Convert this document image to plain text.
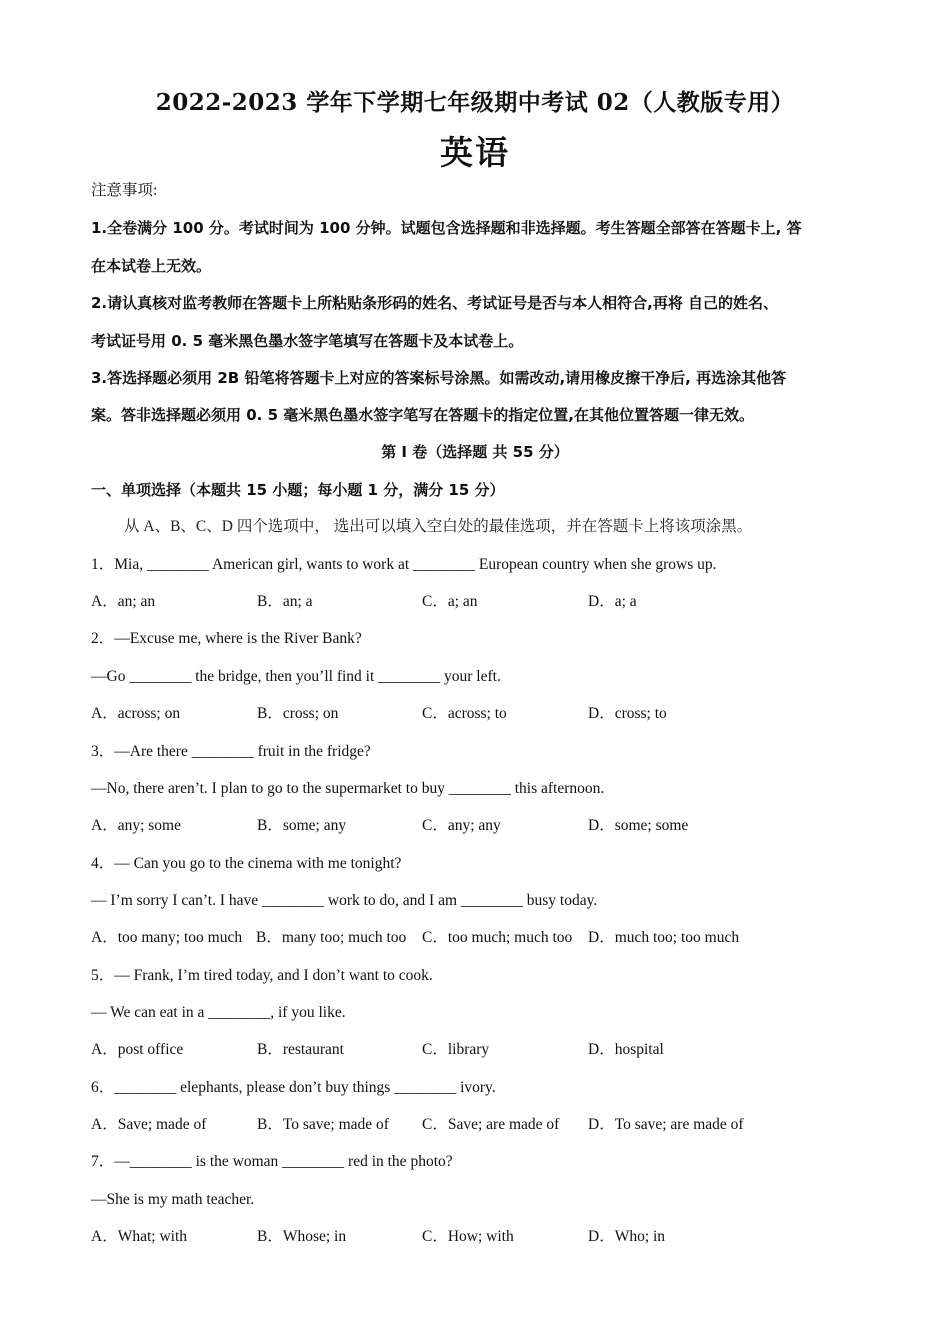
2022-2023 学年下学期七年级期中考试 02（人教版专用）
英语
注意事项:
1.全卷满分 100 分。考试时间为 100 分钟。试题包含选择题和非选择题。考生答题全部答在答题卡上, 答
在本试卷上无效。
2.请认真核对监考教师在答题卡上所粘贴条形码的姓名、考试证号是否与本人相符合,再将 自己的姓名、
考试证号用 0. 5 毫米黑色墨水签字笔填写在答题卡及本试卷上。
3.答选择题必须用 2B 铅笔将答题卡上对应的答案标号涂黑。如需改动,请用橡皮擦干净后, 再选涂其他答
案。答非选择题必须用 0. 5 毫米黑色墨水签字笔写在答题卡的指定位置,在其他位置答题一律无效。
第 I 卷（选择题 共 55 分）
一、单项选择（本题共 15 小题；每小题 1 分，满分 15 分）
从 A、B、C、D 四个选项中， 选出可以填入空白处的最佳选项，并在答题卡上将该项涂黑。
1．Mia, ________ American girl, wants to work at ________ European country when she grows up.
A．an; an	B．an; a	C．a; an	D．a; a
2．—Excuse me, where is the River Bank?
—Go ________ the bridge, then you’ll find it ________ your left.
A．across; on	B．cross; on	C．across; to	D．cross; to
3．—Are there ________ fruit in the fridge?
—No, there aren’t. I plan to go to the supermarket to buy ________ this afternoon.
A．any; some	B．some; any	C．any; any	D．some; some
4．— Can you go to the cinema with me tonight?
— I’m sorry I can’t. I have ________ work to do, and I am ________ busy today.
A．too many; too much B．many too; much too C．too much; much too D．much too; too much
5．— Frank, I’m tired today, and I don’t want to cook.
— We can eat in a ________, if you like.
A．post office	B．restaurant	C．library	D．hospital
6．________ elephants, please don’t buy things ________ ivory.
A．Save; made of	B．To save; made of C．Save; are made of D．To save; are made of
7．—________ is the woman ________ red in the photo?
—She is my math teacher.
A．What; with	B．Whose; in	C．How; with	D．Who; in
